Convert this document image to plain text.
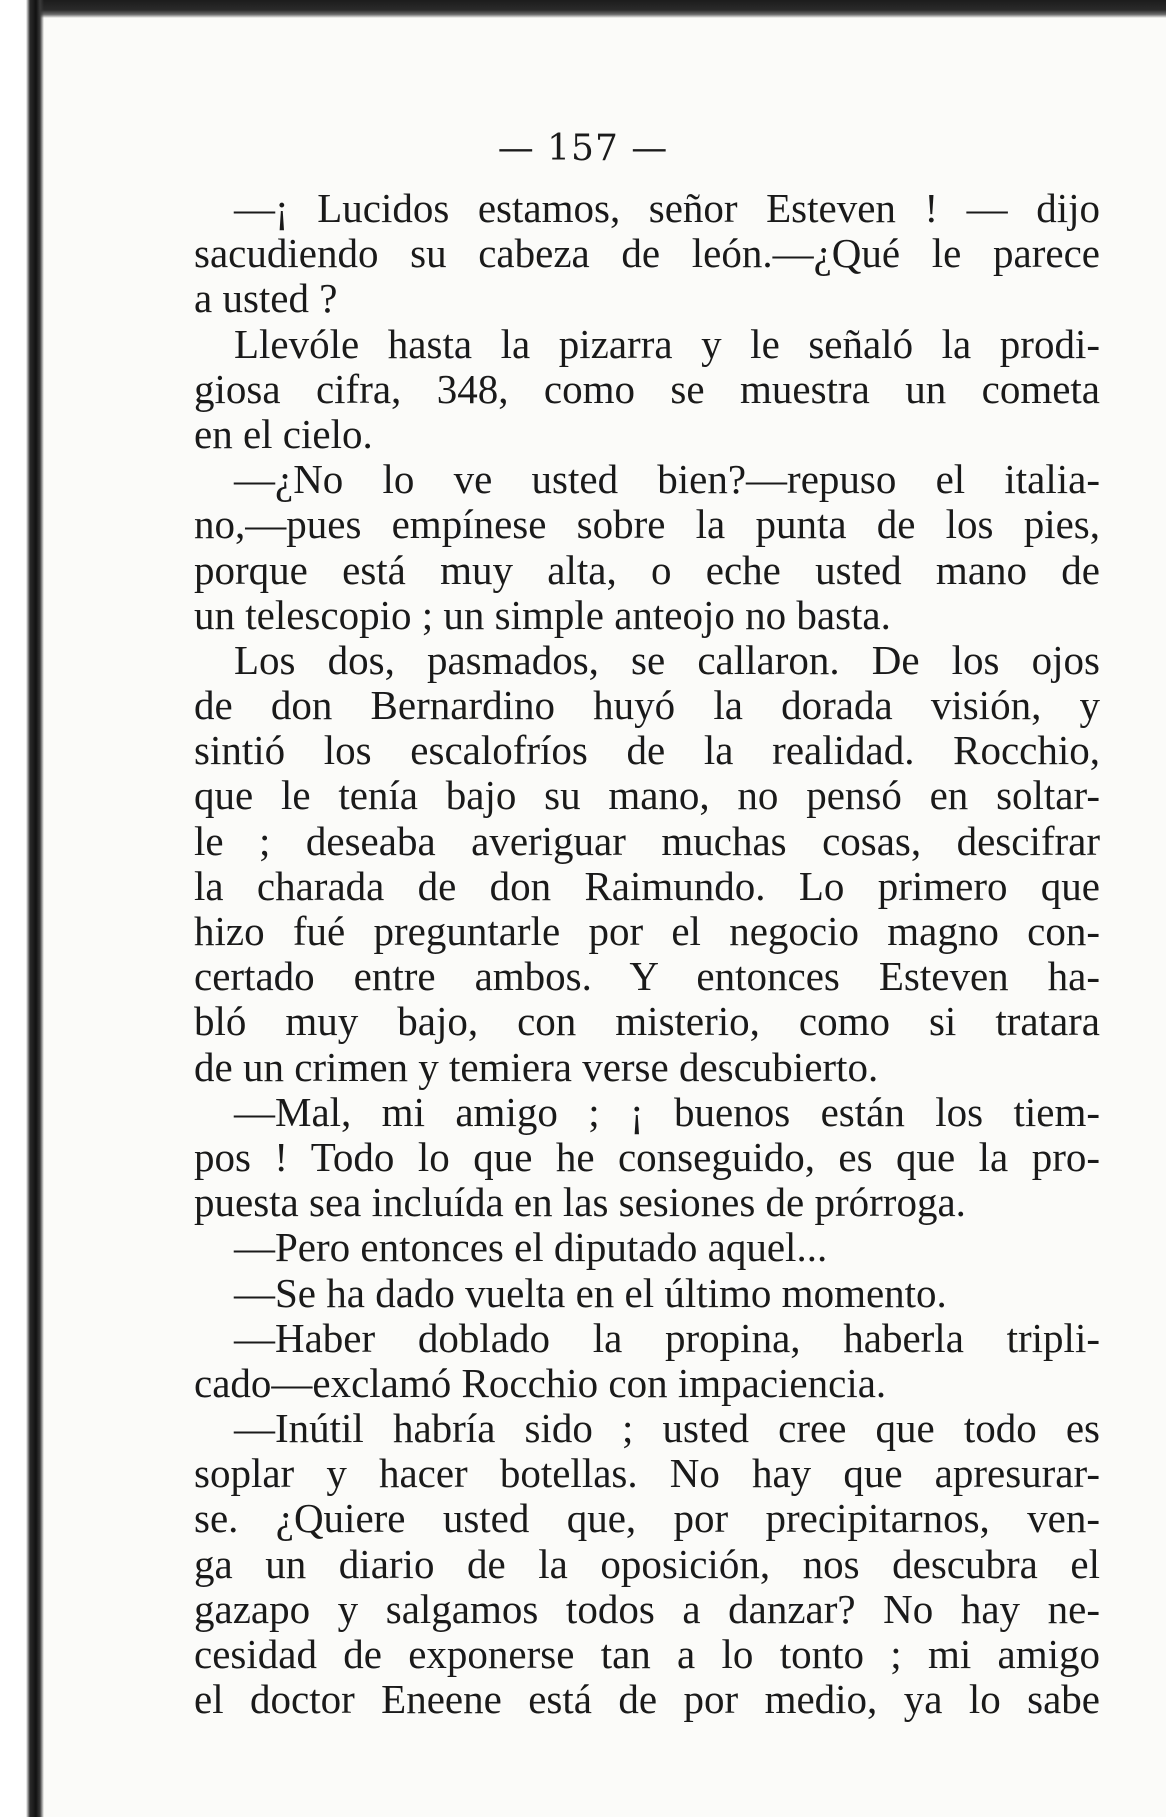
— 157 —
—¡ Lucidos estamos, señor Esteven ! — dijo
sacudiendo su cabeza de león.—¿Qué le parece
a usted ?
Llevóle hasta la pizarra y le señaló la prodi-
giosa cifra, 348, como se muestra un cometa
en el cielo.
—¿No lo ve usted bien?—repuso el italia-
no,—pues empínese sobre la punta de los pies,
porque está muy alta, o eche usted mano de
un telescopio ; un simple anteojo no basta.
Los dos, pasmados, se callaron. De los ojos
de don Bernardino huyó la dorada visión, y
sintió los escalofríos de la realidad. Rocchio,
que le tenía bajo su mano, no pensó en soltar-
le ; deseaba averiguar muchas cosas, descifrar
la charada de don Raimundo. Lo primero que
hizo fué preguntarle por el negocio magno con-
certado entre ambos. Y entonces Esteven ha-
bló muy bajo, con misterio, como si tratara
de un crimen y temiera verse descubierto.
—Mal, mi amigo ; ¡ buenos están los tiem-
pos ! Todo lo que he conseguido, es que la pro-
puesta sea incluída en las sesiones de prórroga.
—Pero entonces el diputado aquel...
—Se ha dado vuelta en el último momento.
—Haber doblado la propina, haberla tripli-
cado—exclamó Rocchio con impaciencia.
—Inútil habría sido ; usted cree que todo es
soplar y hacer botellas. No hay que apresurar-
se. ¿Quiere usted que, por precipitarnos, ven-
ga un diario de la oposición, nos descubra el
gazapo y salgamos todos a danzar? No hay ne-
cesidad de exponerse tan a lo tonto ; mi amigo
el doctor Eneene está de por medio, ya lo sabe
